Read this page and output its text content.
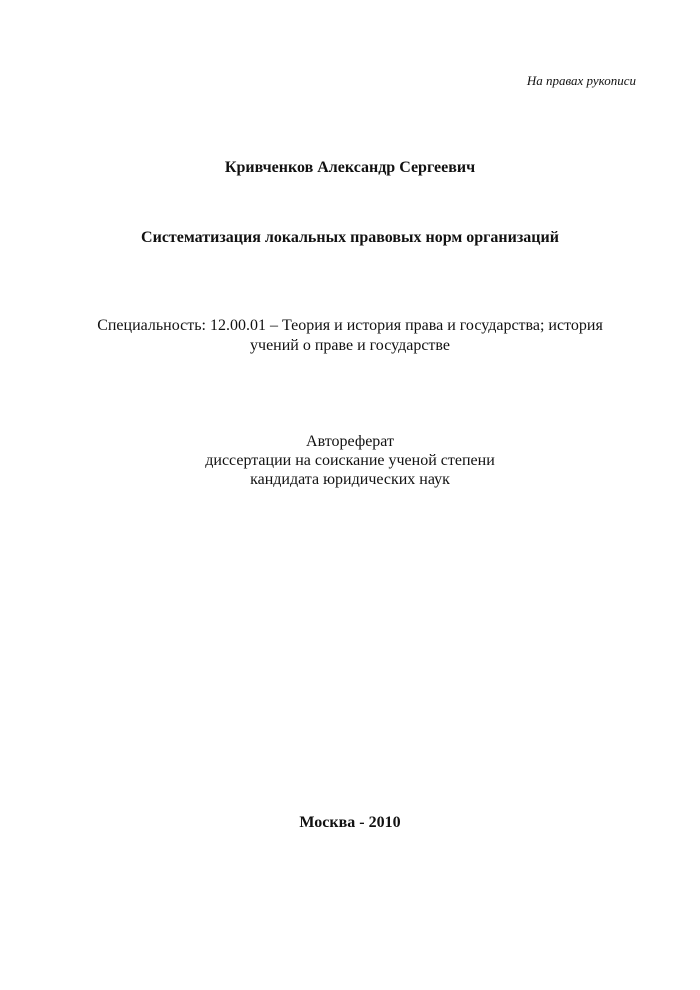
На правах рукописи
Кривченков Александр Сергеевич
Систематизация локальных правовых норм организаций
Специальность: 12.00.01 – Теория и история права и государства; история
учений о праве и государстве
Автореферат
диссертации на соискание ученой степени
кандидата юридических наук
Москва - 2010
